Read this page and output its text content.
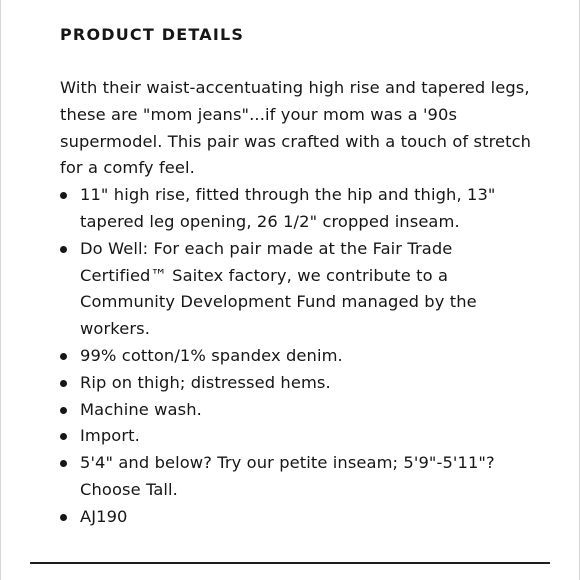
PRODUCT DETAILS

With their waist-accentuating high rise and tapered legs, these are "mom jeans"...if your mom was a '90s supermodel. This pair was crafted with a touch of stretch for a comfy feel.

11" high rise, fitted through the hip and thigh, 13" tapered leg opening, 26 1/2" cropped inseam.
Do Well: For each pair made at the Fair Trade Certified™ Saitex factory, we contribute to a Community Development Fund managed by the workers.
99% cotton/1% spandex denim.
Rip on thigh; distressed hems.
Machine wash.
Import.
5'4" and below? Try our petite inseam; 5'9"-5'11"? Choose Tall.
AJ190
